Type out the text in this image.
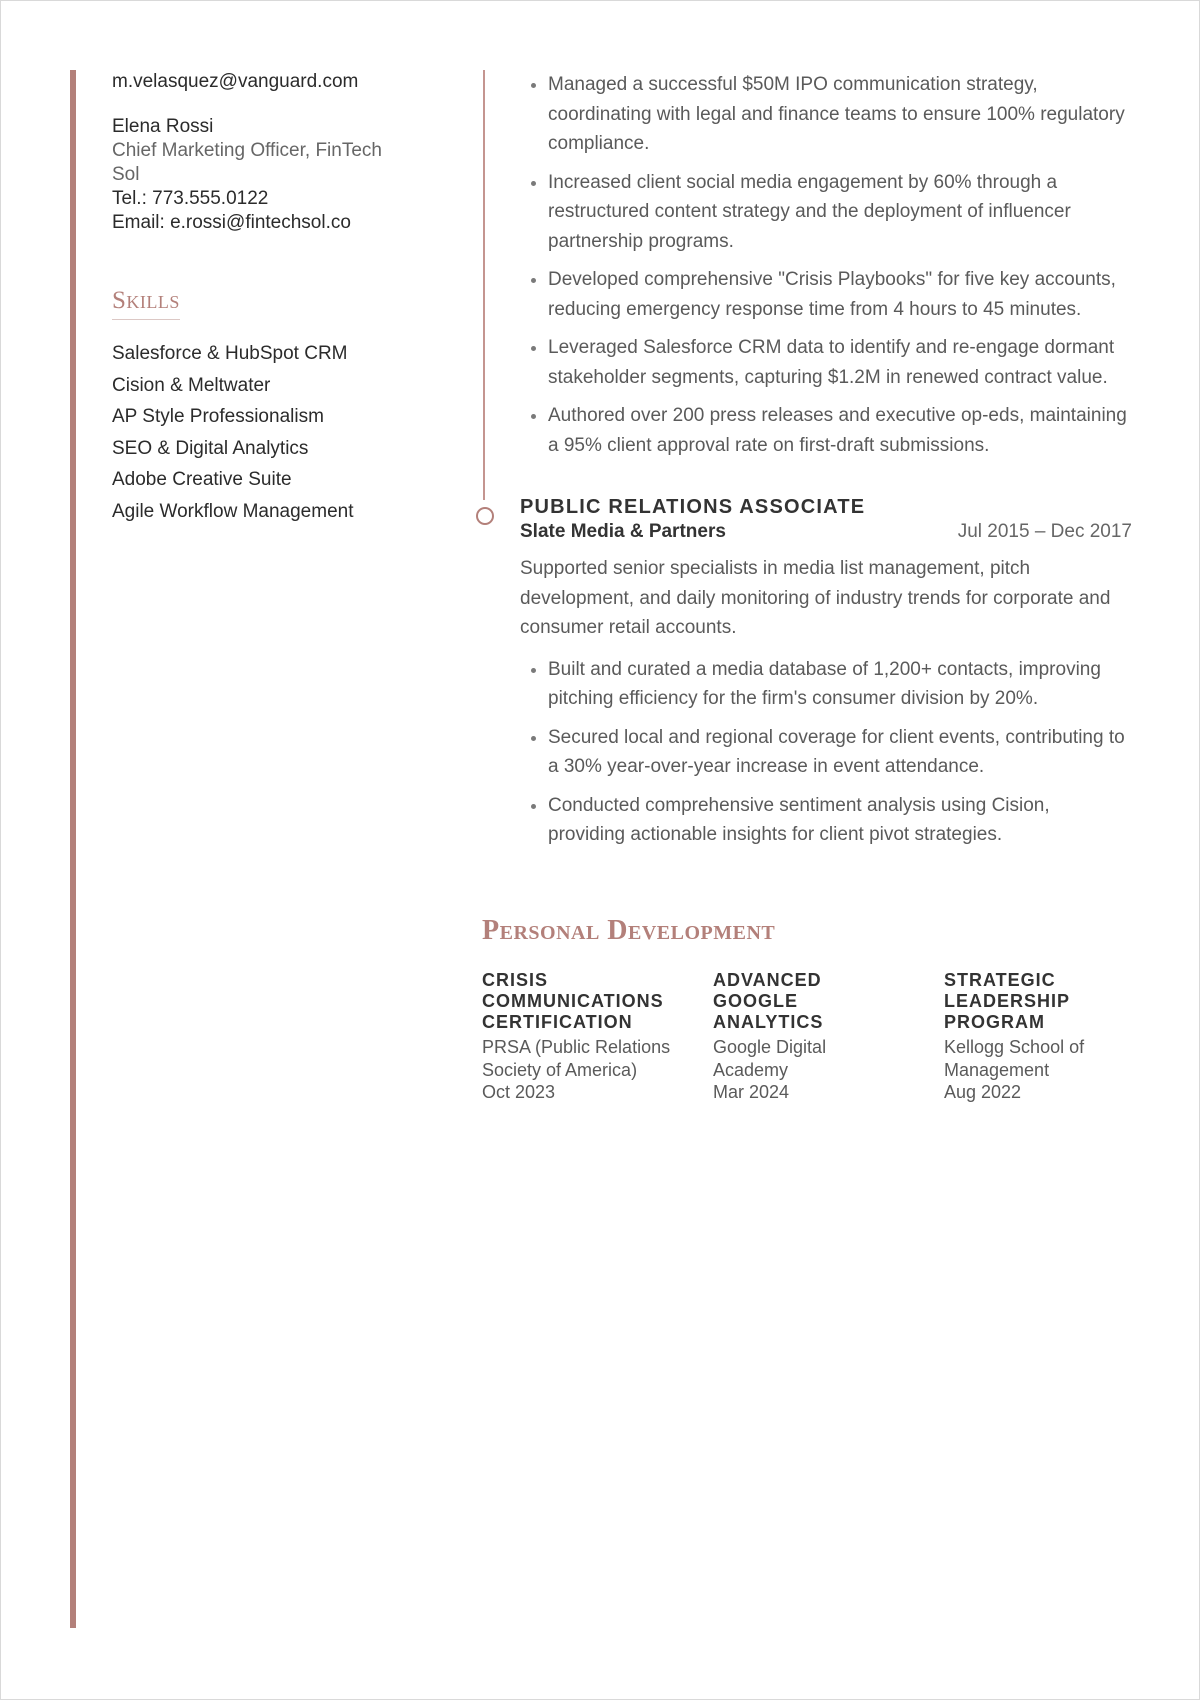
m.velasquez@vanguard.com

Elena Rossi

Chief Marketing Officer, FinTech
Sol

Tel.: 773.555.0122

Email: e.rossi@fintechsol.co

Skills
Salesforce & HubSpot CRM
Cision & Meltwater
AP Style Professionalism
SEO & Digital Analytics
Adobe Creative Suite
Agile Workflow Management
• Managed a successful $50M IPO communication strategy, coordinating with legal and finance teams to ensure 100% regulatory compliance.
• Increased client social media engagement by 60% through a restructured content strategy and the deployment of influencer partnership programs.
• Developed comprehensive "Crisis Playbooks" for five key accounts, reducing emergency response time from 4 hours to 45 minutes.
• Leveraged Salesforce CRM data to identify and re-engage dormant stakeholder segments, capturing $1.2M in renewed contract value.
• Authored over 200 press releases and executive op-eds, maintaining a 95% client approval rate on first-draft submissions.

PUBLIC RELATIONS ASSOCIATE

Slate Media & Partners	Jul 2015 – Dec 2017

Supported senior specialists in media list management, pitch development, and daily monitoring of industry trends for corporate and consumer retail accounts.

• Built and curated a media database of 1,200+ contacts, improving pitching efficiency for the firm's consumer division by 20%.
• Secured local and regional coverage for client events, contributing to a 30% year-over-year increase in event attendance.
• Conducted comprehensive sentiment analysis using Cision, providing actionable insights for client pivot strategies.
Personal Development

CRISIS COMMUNICATIONS CERTIFICATION

PRSA (Public Relations Society of America)

Oct 2023

ADVANCED GOOGLE ANALYTICS

Google Digital Academy

Mar 2024

STRATEGIC LEADERSHIP PROGRAM

Kellogg School of Management

Aug 2022
